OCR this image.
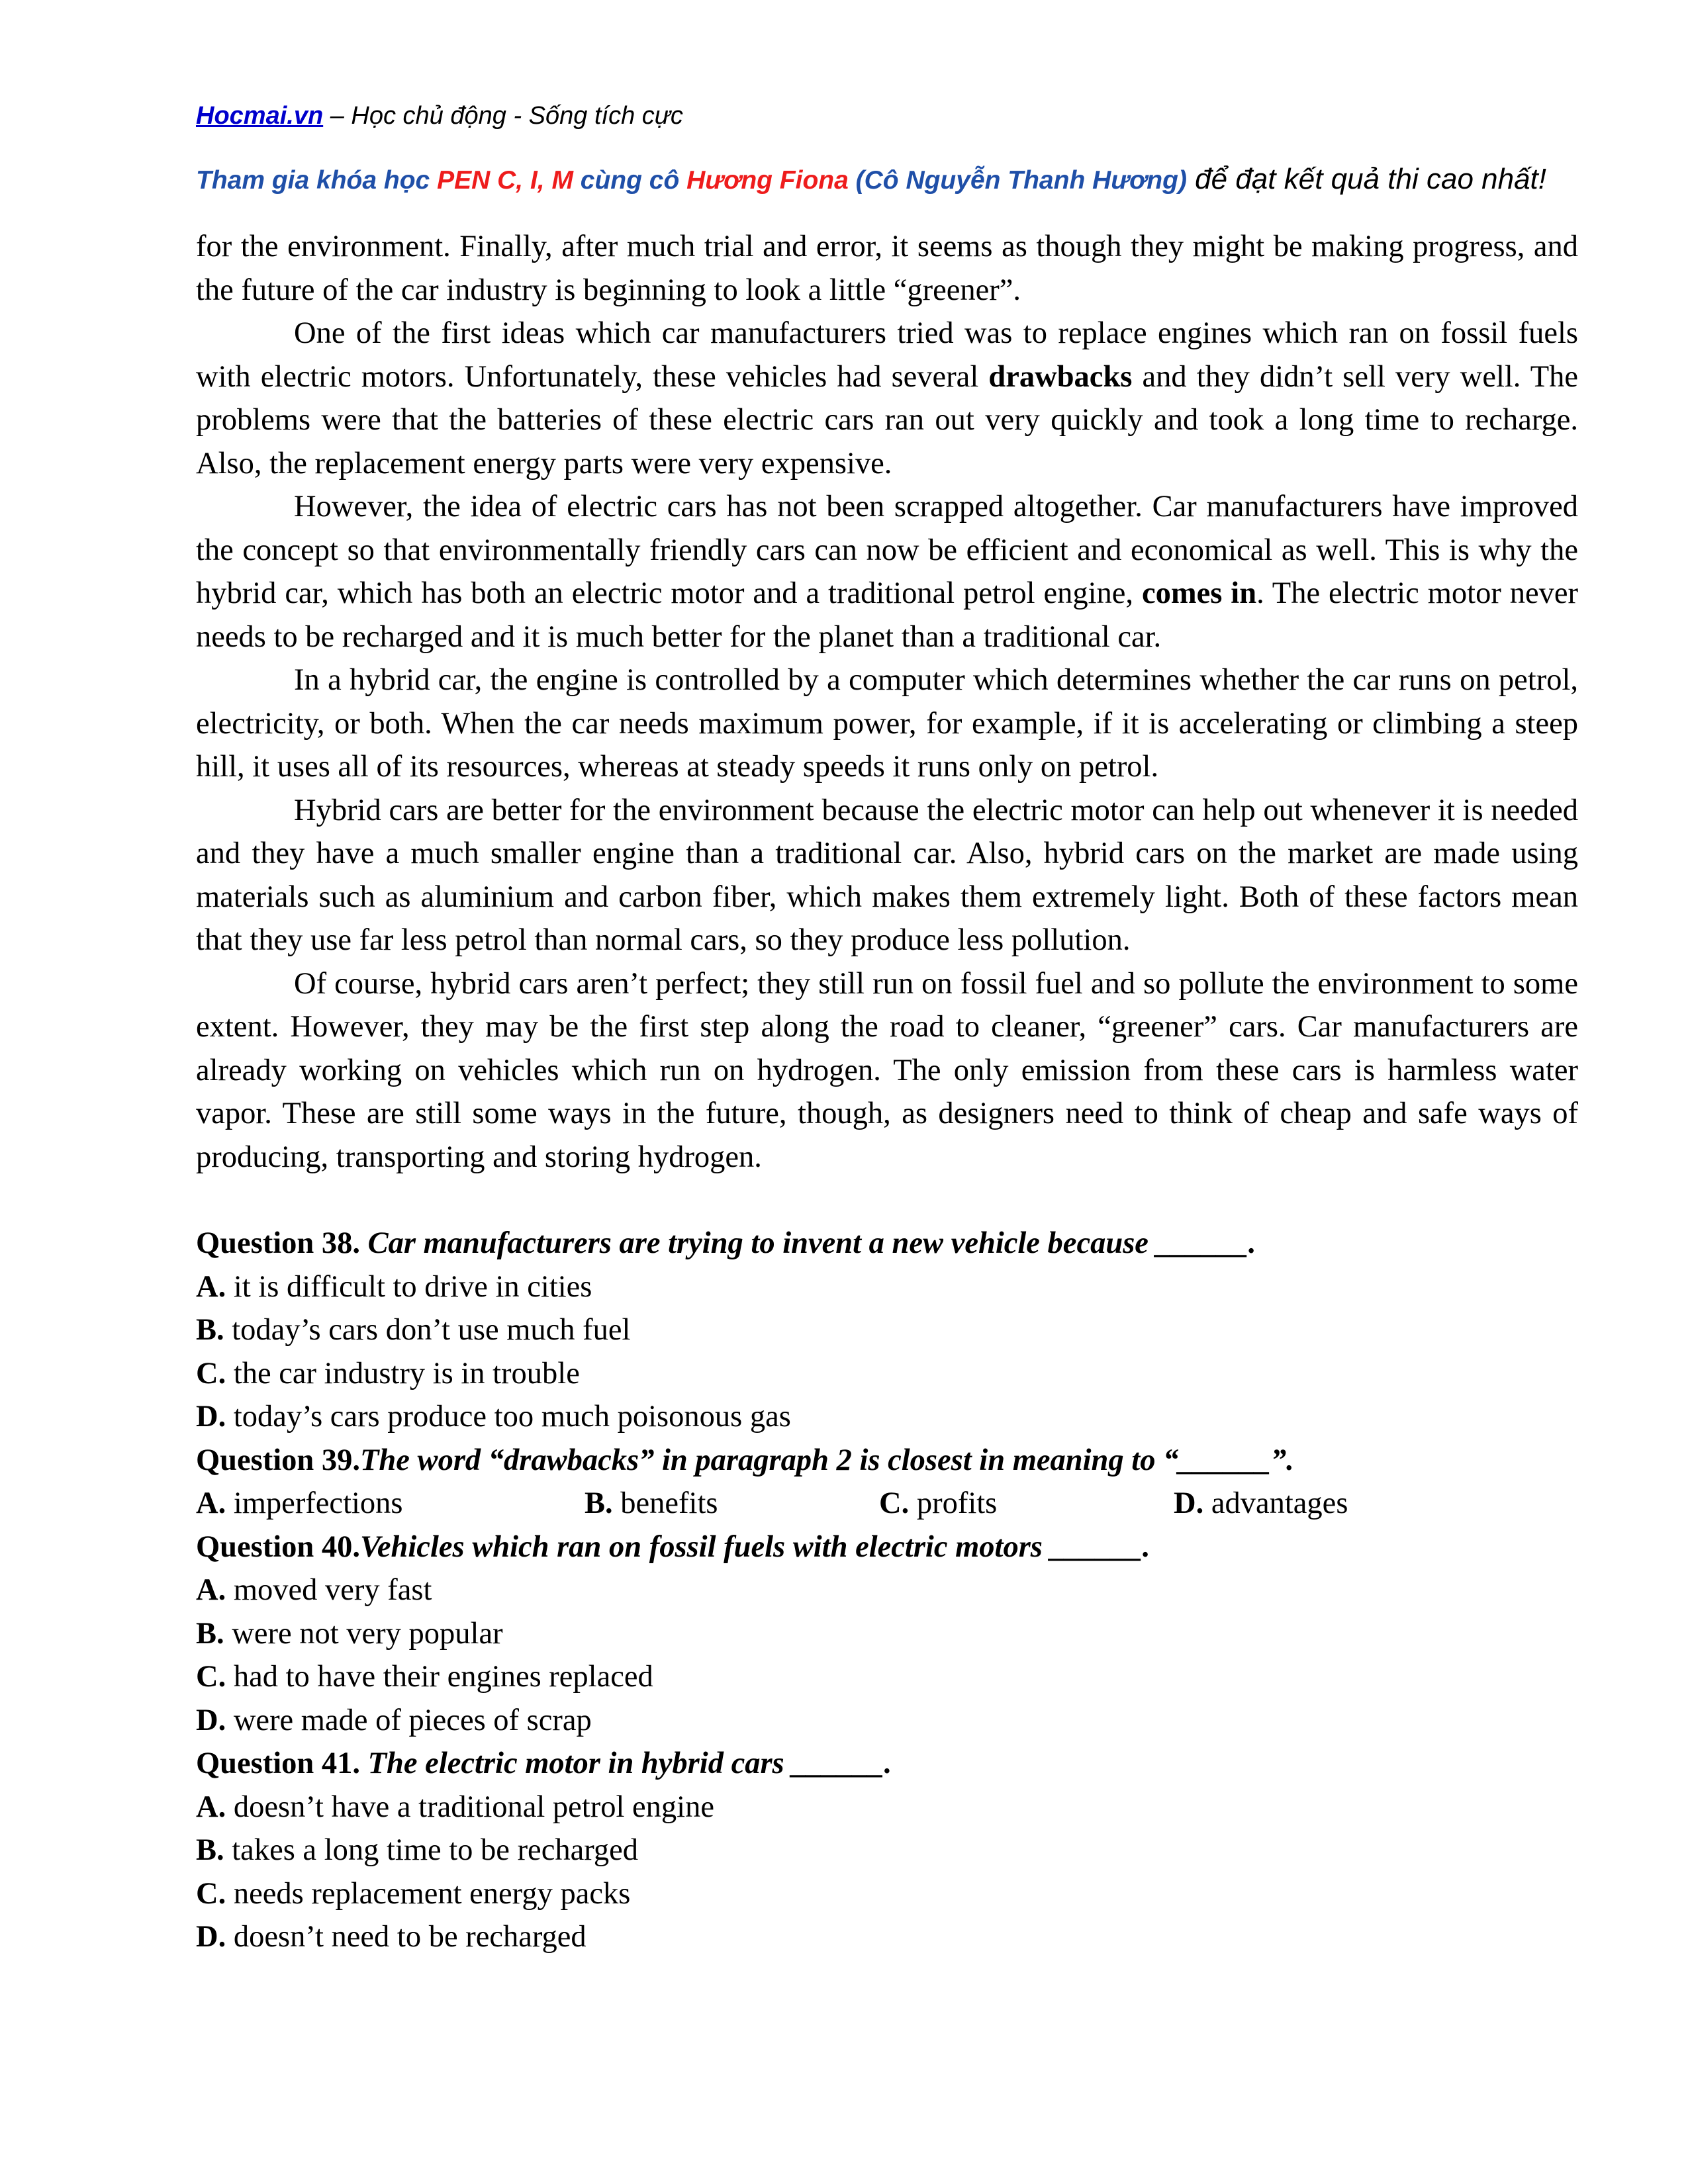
Hocmai.vn – Học chủ động - Sống tích cực
Tham gia khóa học PEN C, I, M cùng cô Hương Fiona (Cô Nguyễn Thanh Hương) để đạt kết quả thi cao nhất!

for the environment. Finally, after much trial and error, it seems as though they might be making progress, and the future of the car industry is beginning to look a little “greener”.

One of the first ideas which car manufacturers tried was to replace engines which ran on fossil fuels with electric motors. Unfortunately, these vehicles had several drawbacks and they didn’t sell very well. The problems were that the batteries of these electric cars ran out very quickly and took a long time to recharge. Also, the replacement energy parts were very expensive.

However, the idea of electric cars has not been scrapped altogether. Car manufacturers have improved the concept so that environmentally friendly cars can now be efficient and economical as well. This is why the hybrid car, which has both an electric motor and a traditional petrol engine, comes in. The electric motor never needs to be recharged and it is much better for the planet than a traditional car.

In a hybrid car, the engine is controlled by a computer which determines whether the car runs on petrol, electricity, or both. When the car needs maximum power, for example, if it is accelerating or climbing a steep hill, it uses all of its resources, whereas at steady speeds it runs only on petrol.

Hybrid cars are better for the environment because the electric motor can help out whenever it is needed and they have a much smaller engine than a traditional car. Also, hybrid cars on the market are made using materials such as aluminium and carbon fiber, which makes them extremely light. Both of these factors mean that they use far less petrol than normal cars, so they produce less pollution.

Of course, hybrid cars aren’t perfect; they still run on fossil fuel and so pollute the environment to some extent. However, they may be the first step along the road to cleaner, “greener” cars. Car manufacturers are already working on vehicles which run on hydrogen. The only emission from these cars is harmless water vapor. These are still some ways in the future, though, as designers need to think of cheap and safe ways of producing, transporting and storing hydrogen.

Question 38. Car manufacturers are trying to invent a new vehicle because ______.

A. it is difficult to drive in cities

B. today’s cars don’t use much fuel

C. the car industry is in trouble

D. today’s cars produce too much poisonous gas

Question 39.The word “drawbacks” in paragraph 2 is closest in meaning to “______”.

A. imperfections	B. benefits	C. profits	D. advantages

Question 40.Vehicles which ran on fossil fuels with electric motors ______.

A. moved very fast

B. were not very popular

C. had to have their engines replaced

D. were made of pieces of scrap

Question 41. The electric motor in hybrid cars ______.

A. doesn’t have a traditional petrol engine

B. takes a long time to be recharged

C. needs replacement energy packs

D. doesn’t need to be recharged
